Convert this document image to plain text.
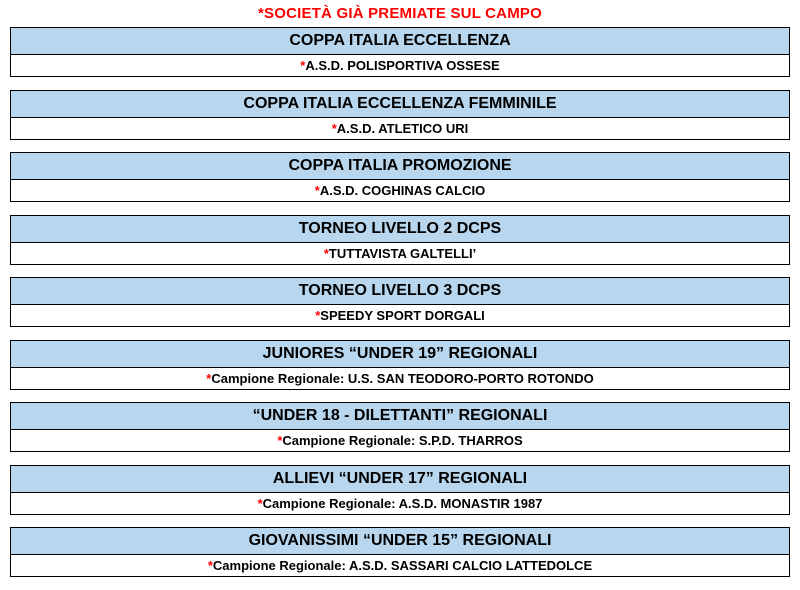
*SOCIETÀ GIÀ PREMIATE SUL CAMPO
COPPA ITALIA ECCELLENZA
*A.S.D. POLISPORTIVA OSSESE
COPPA ITALIA ECCELLENZA FEMMINILE
*A.S.D. ATLETICO URI
COPPA ITALIA PROMOZIONE
*A.S.D. COGHINAS CALCIO
TORNEO LIVELLO 2 DCPS
*TUTTAVISTA GALTELLI’
TORNEO LIVELLO 3 DCPS
*SPEEDY SPORT DORGALI
JUNIORES “UNDER 19” REGIONALI
*Campione Regionale: U.S. SAN TEODORO-PORTO ROTONDO
“UNDER 18 - DILETTANTI” REGIONALI
*Campione Regionale: S.P.D. THARROS
ALLIEVI “UNDER 17” REGIONALI
*Campione Regionale: A.S.D. MONASTIR 1987
GIOVANISSIMI “UNDER 15” REGIONALI
*Campione Regionale: A.S.D. SASSARI CALCIO LATTEDOLCE
